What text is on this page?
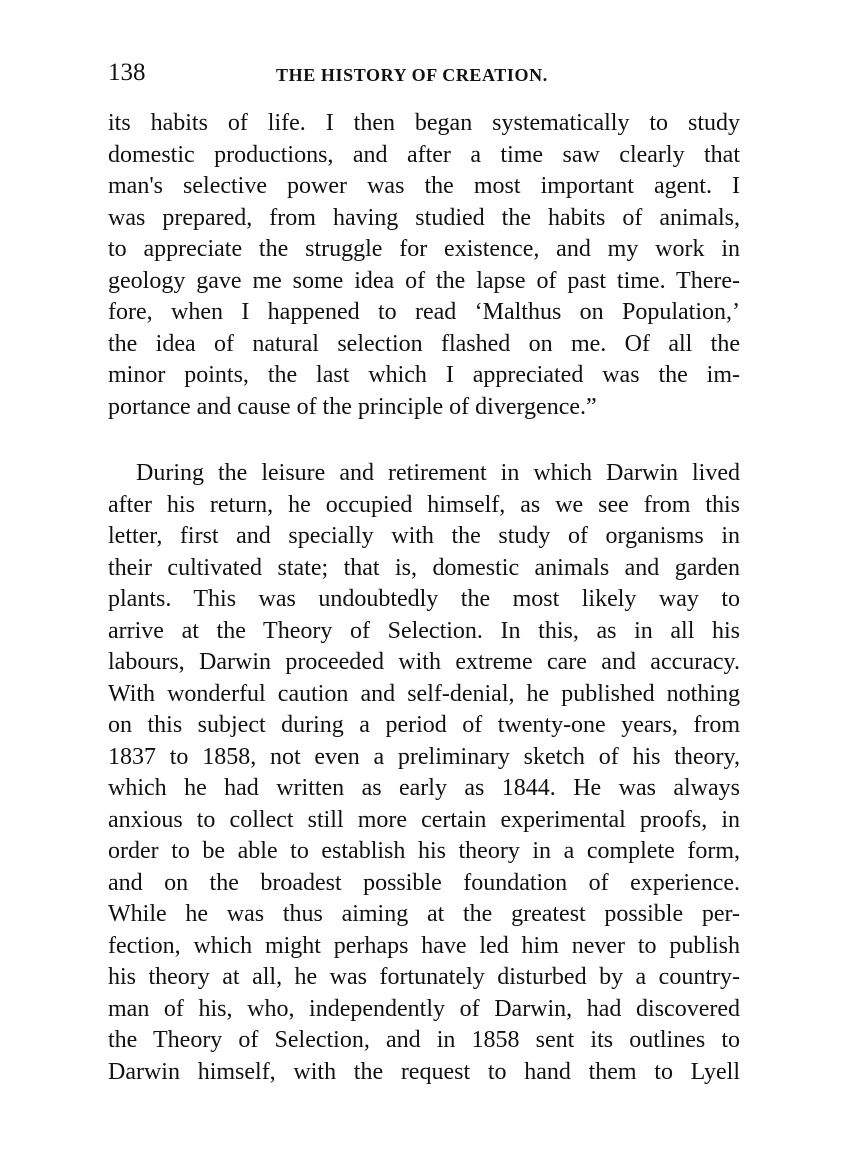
138	THE HISTORY OF CREATION.
its habits of life. I then began systematically to study
domestic productions, and after a time saw clearly that
man's selective power was the most important agent. I
was prepared, from having studied the habits of animals,
to appreciate the struggle for existence, and my work in
geology gave me some idea of the lapse of past time. There-
fore, when I happened to read ‘Malthus on Population,’
the idea of natural selection flashed on me. Of all the
minor points, the last which I appreciated was the im-
portance and cause of the principle of divergence.”
During the leisure and retirement in which Darwin lived
after his return, he occupied himself, as we see from this
letter, first and specially with the study of organisms in
their cultivated state; that is, domestic animals and garden
plants. This was undoubtedly the most likely way to
arrive at the Theory of Selection. In this, as in all his
labours, Darwin proceeded with extreme care and accuracy.
With wonderful caution and self-denial, he published nothing
on this subject during a period of twenty-one years, from
1837 to 1858, not even a preliminary sketch of his theory,
which he had written as early as 1844. He was always
anxious to collect still more certain experimental proofs, in
order to be able to establish his theory in a complete form,
and on the broadest possible foundation of experience.
While he was thus aiming at the greatest possible per-
fection, which might perhaps have led him never to publish
his theory at all, he was fortunately disturbed by a country-
man of his, who, independently of Darwin, had discovered
the Theory of Selection, and in 1858 sent its outlines to
Darwin himself, with the request to hand them to Lyell
